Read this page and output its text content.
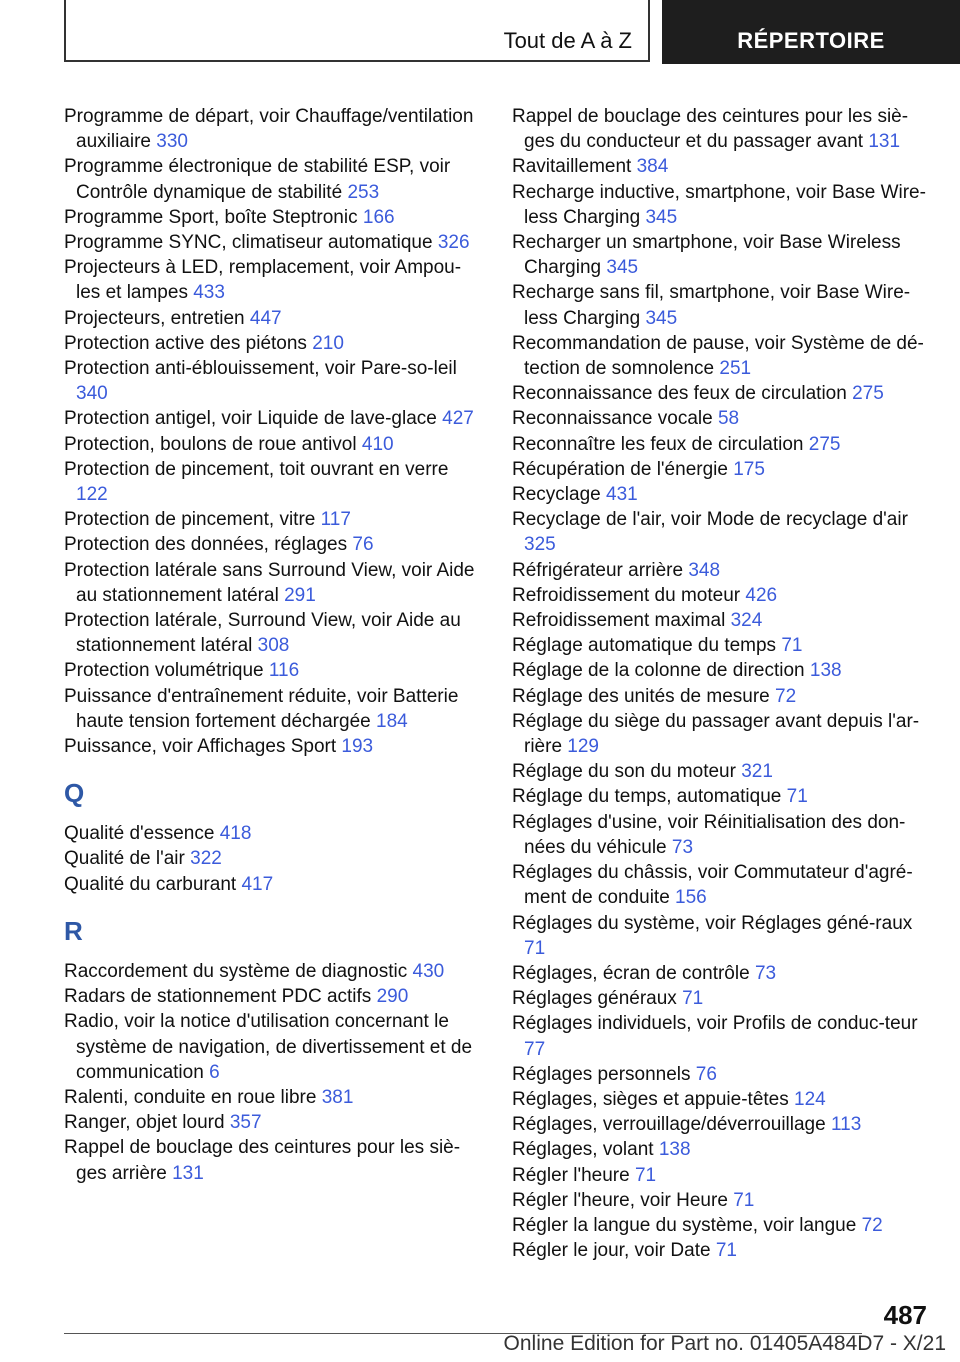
Tout de A à Z	RÉPERTOIRE
Programme de départ, voir Chauffage/ventilation auxiliaire 330
Programme électronique de stabilité ESP, voir Contrôle dynamique de stabilité 253
Programme Sport, boîte Steptronic 166
Programme SYNC, climatiseur automatique 326
Projecteurs à LED, remplacement, voir Ampou‐les et lampes 433
Projecteurs, entretien 447
Protection active des piétons 210
Protection anti-éblouissement, voir Pare-so‐leil 340
Protection antigel, voir Liquide de lave‐glace 427
Protection, boulons de roue antivol 410
Protection de pincement, toit ouvrant en verre 122
Protection de pincement, vitre 117
Protection des données, réglages 76
Protection latérale sans Surround View, voir Aide au stationnement latéral 291
Protection latérale, Surround View, voir Aide au stationnement latéral 308
Protection volumétrique 116
Puissance d'entraînement réduite, voir Batterie haute tension fortement déchargée 184
Puissance, voir Affichages Sport 193
Q
Qualité d'essence 418
Qualité de l'air 322
Qualité du carburant 417
R
Raccordement du système de diagnostic 430
Radars de stationnement PDC actifs 290
Radio, voir la notice d'utilisation concernant le système de navigation, de divertissement et de communication 6
Ralenti, conduite en roue libre 381
Ranger, objet lourd 357
Rappel de bouclage des ceintures pour les siè‐ges arrière 131
Rappel de bouclage des ceintures pour les siè‐ges du conducteur et du passager avant 131
Ravitaillement 384
Recharge inductive, smartphone, voir Base Wire‐less Charging 345
Recharger un smartphone, voir Base Wireless Charging 345
Recharge sans fil, smartphone, voir Base Wire‐less Charging 345
Recommandation de pause, voir Système de dé‐tection de somnolence 251
Reconnaissance des feux de circulation 275
Reconnaissance vocale 58
Reconnaître les feux de circulation 275
Récupération de l'énergie 175
Recyclage 431
Recyclage de l'air, voir Mode de recyclage d'air 325
Réfrigérateur arrière 348
Refroidissement du moteur 426
Refroidissement maximal 324
Réglage automatique du temps 71
Réglage de la colonne de direction 138
Réglage des unités de mesure 72
Réglage du siège du passager avant depuis l'ar‐rière 129
Réglage du son du moteur 321
Réglage du temps, automatique 71
Réglages d'usine, voir Réinitialisation des don‐nées du véhicule 73
Réglages du châssis, voir Commutateur d'agré‐ment de conduite 156
Réglages du système, voir Réglages géné‐raux 71
Réglages, écran de contrôle 73
Réglages généraux 71
Réglages individuels, voir Profils de conduc‐teur 77
Réglages personnels 76
Réglages, sièges et appuie-têtes 124
Réglages, verrouillage/déverrouillage 113
Réglages, volant 138
Régler l'heure 71
Régler l'heure, voir Heure 71
Régler la langue du système, voir langue 72
Régler le jour, voir Date 71
487
Online Edition for Part no. 01405A484D7 - X/21
